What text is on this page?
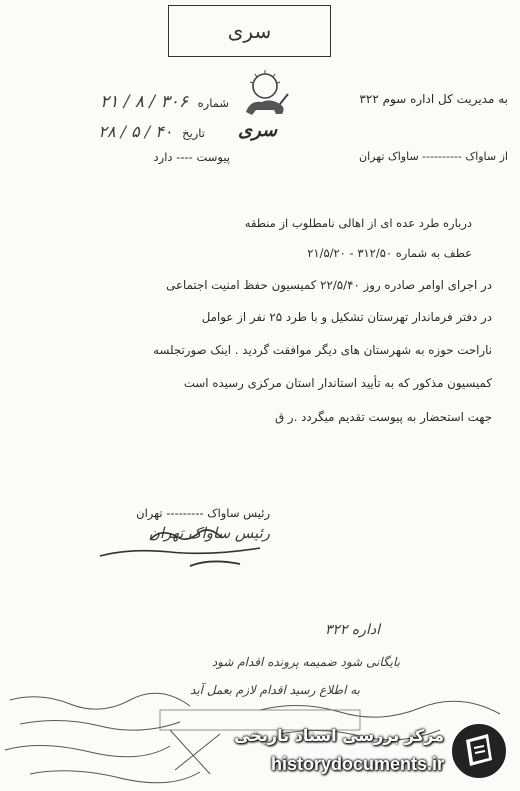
سری
به مدیریت کل اداره سوم ۳۲۲
از ساواک ---------- ساواک تهران
سری
شماره ۳۰۶ / ۸ / ۲۱
تاریخ ۴۰ / ۵ / ۲۸
پیوست ---- دارد
درباره طرد عده ای از اهالی نامطلوب از منطقه
عطف به شماره ۳۱۲/۵۰ - ۲۱/۵/۲۰
در اجرای اوامر صادره روز ۲۲/۵/۴۰ کمیسیون حفظ امنیت اجتماعی
در دفتر فرماندار تهرستان تشکیل و با طرد ۲۵ نفر از عوامل
ناراحت حوزه به شهرستان های دیگر موافقت گردید . اینک صورتجلسه
کمیسیون مذکور که به تأیید استاندار استان مرکزی رسیده است
جهت استحضار به پیوست تقدیم میگردد .ر ق
رئیس ساواک --------- تهران
رئیس ساواک تهران
اداره ۳۲۲
بایگانی شود ضمیمه پرونده اقدام شود
به اطلاع رسید اقدام لازم بعمل آید
مرکز بررسی اسناد تاریخی
historydocuments.ir
